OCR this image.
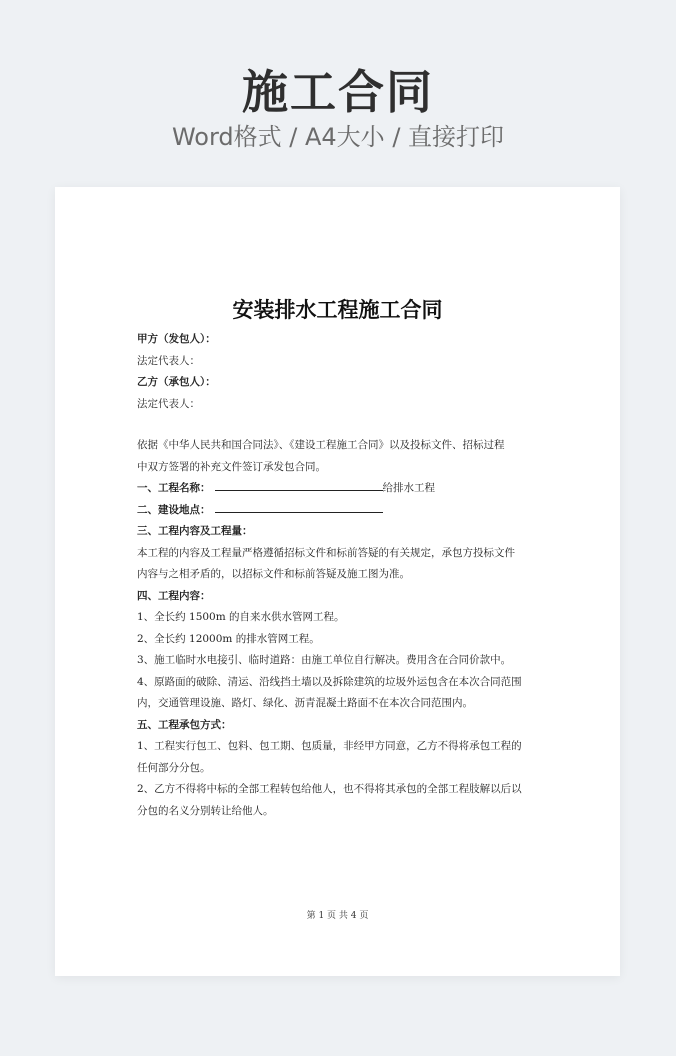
施工合同
Word格式 / A4大小 / 直接打印
安装排水工程施工合同
甲方（发包人）：
法定代表人：
乙方（承包人）：
法定代表人：
依据《中华人民共和国合同法》、《建设工程施工合同》以及投标文件、招标过程
中双方签署的补充文件签订承发包合同。
一、工程名称：	给排水工程
二、建设地点：
三、工程内容及工程量：
本工程的内容及工程量严格遵循招标文件和标前答疑的有关规定，承包方投标文件
内容与之相矛盾的，以招标文件和标前答疑及施工图为准。
四、工程内容：
1、全长约 1500m 的自来水供水管网工程。
2、全长约 12000m 的排水管网工程。
3、施工临时水电接引、临时道路：由施工单位自行解决。费用含在合同价款中。
4、原路面的破除、清运、沿线挡土墙以及拆除建筑的垃圾外运包含在本次合同范围
内，交通管理设施、路灯、绿化、沥青混凝土路面不在本次合同范围内。
五、工程承包方式：
1、工程实行包工、包料、包工期、包质量，非经甲方同意，乙方不得将承包工程的
任何部分分包。
2、乙方不得将中标的全部工程转包给他人，也不得将其承包的全部工程肢解以后以
分包的名义分别转让给他人。
第 1 页 共 4 页
